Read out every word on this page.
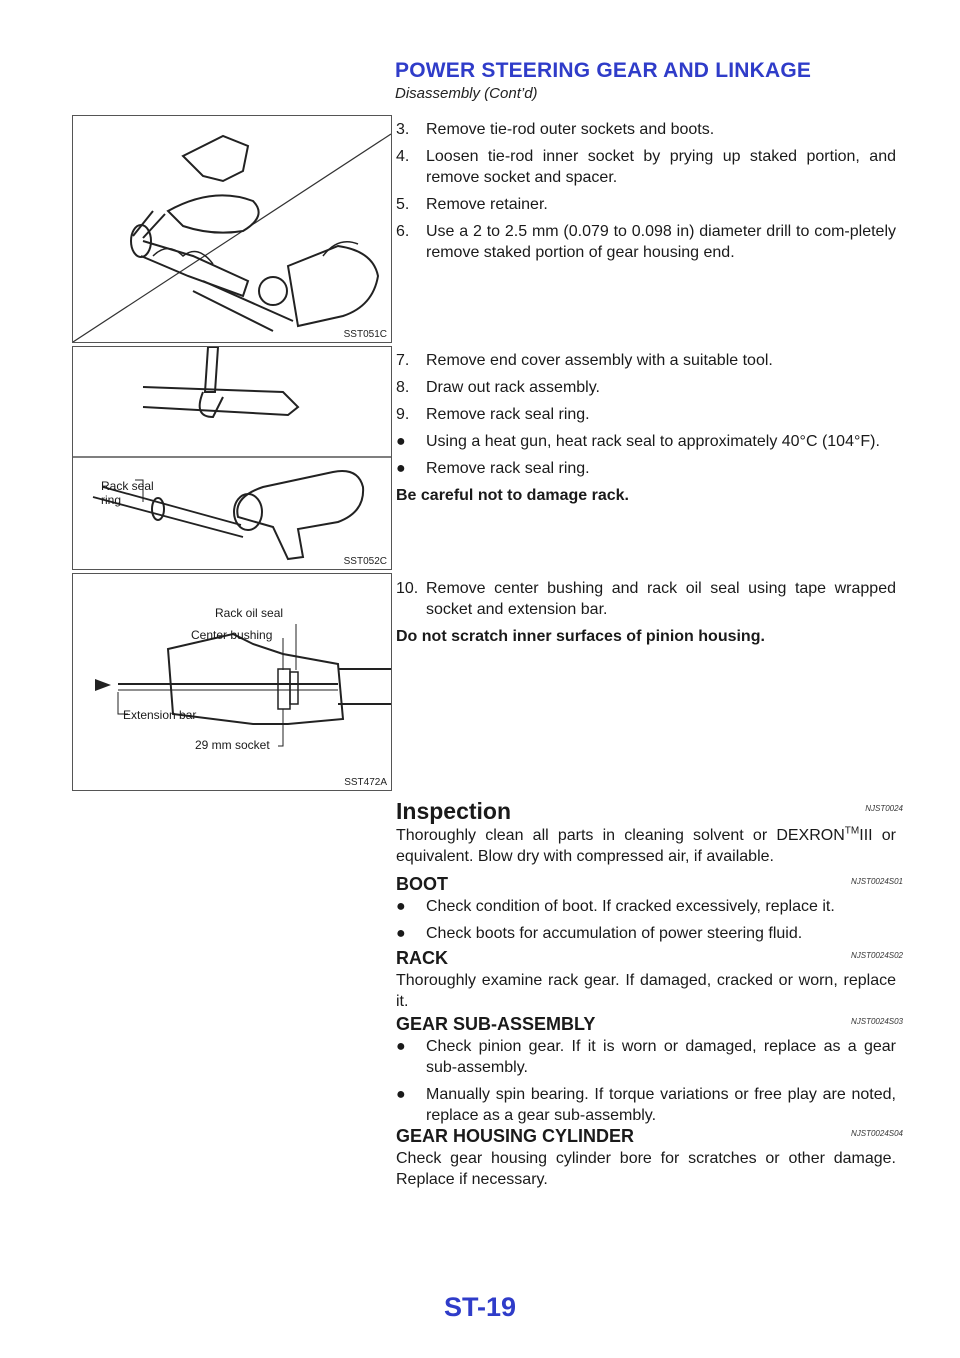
POWER STEERING GEAR AND LINKAGE
Disassembly (Cont’d)
SST051C

3. Remove tie-rod outer sockets and boots.

4. Loosen tie-rod inner socket by prying up staked portion, and remove socket and spacer.

5. Remove retainer.

6. Use a 2 to 2.5 mm (0.079 to 0.098 in) diameter drill to com-pletely remove staked portion of gear housing end.

Rack seal
ring
SST052C

7. Remove end cover assembly with a suitable tool.

8. Draw out rack assembly.

9. Remove rack seal ring.

● Using a heat gun, heat rack seal to approximately 40°C (104°F).

● Remove rack seal ring.

Be careful not to damage rack.

Rack oil seal
Center bushing
Extension bar
29 mm socket
SST472A

10. Remove center bushing and rack oil seal using tape wrapped socket and extension bar.

Do not scratch inner surfaces of pinion housing.

Inspection	NJST0024

Thoroughly clean all parts in cleaning solvent or DEXRON™III or equivalent. Blow dry with compressed air, if available.

BOOT	NJST0024S01

● Check condition of boot. If cracked excessively, replace it.

● Check boots for accumulation of power steering fluid.

RACK	NJST0024S02

Thoroughly examine rack gear. If damaged, cracked or worn, replace it.

GEAR SUB-ASSEMBLY	NJST0024S03

● Check pinion gear. If it is worn or damaged, replace as a gear sub-assembly.

● Manually spin bearing. If torque variations or free play are noted, replace as a gear sub-assembly.

GEAR HOUSING CYLINDER	NJST0024S04

Check gear housing cylinder bore for scratches or other damage. Replace if necessary.

ST-19
